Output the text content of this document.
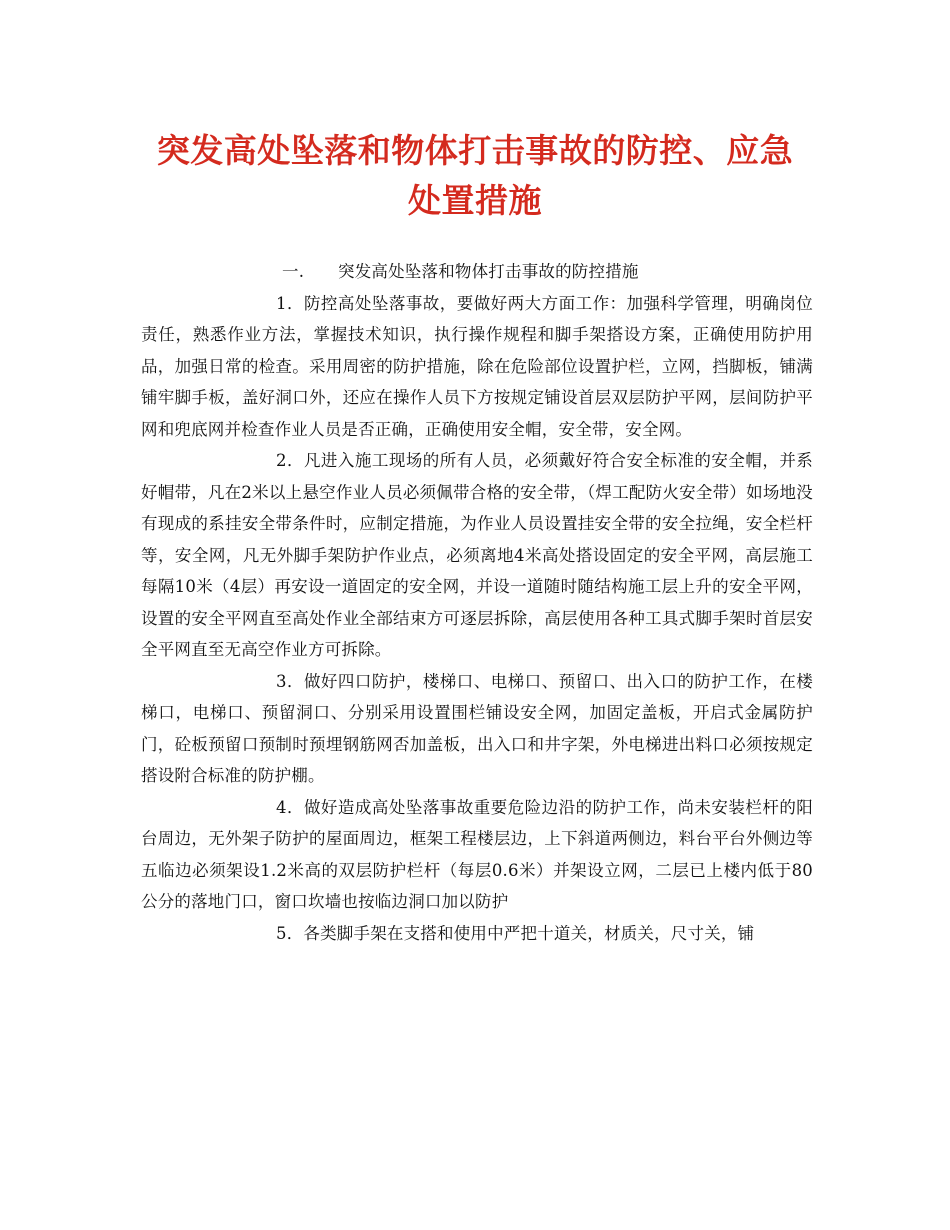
突发高处坠落和物体打击事故的防控、应急
处置措施

一. 突发高处坠落和物体打击事故的防控措施

1．防控高处坠落事故，要做好两大方面工作：加强科学管理，明确岗位责任，熟悉作业方法，掌握技术知识，执行操作规程和脚手架搭设方案，正确使用防护用品，加强日常的检查。采用周密的防护措施，除在危险部位设置护栏，立网，挡脚板，铺满铺牢脚手板，盖好洞口外，还应在操作人员下方按规定铺设首层双层防护平网，层间防护平网和兜底网并检查作业人员是否正确，正确使用安全帽，安全带，安全网。

2．凡进入施工现场的所有人员，必须戴好符合安全标准的安全帽，并系好帽带，凡在2米以上悬空作业人员必须佩带合格的安全带，（焊工配防火安全带）如场地没有现成的系挂安全带条件时，应制定措施，为作业人员设置挂安全带的安全拉绳，安全栏杆等，安全网，凡无外脚手架防护作业点，必须离地4米高处搭设固定的安全平网，高层施工每隔10米（4层）再安设一道固定的安全网，并设一道随时随结构施工层上升的安全平网，设置的安全平网直至高处作业全部结束方可逐层拆除，高层使用各种工具式脚手架时首层安全平网直至无高空作业方可拆除。

3．做好四口防护，楼梯口、电梯口、预留口、出入口的防护工作，在楼梯口，电梯口、预留洞口、分别采用设置围栏铺设安全网，加固定盖板，开启式金属防护门，砼板预留口预制时预埋钢筋网否加盖板，出入口和井字架，外电梯进出料口必须按规定搭设附合标准的防护棚。

4．做好造成高处坠落事故重要危险边沿的防护工作，尚未安装栏杆的阳台周边，无外架子防护的屋面周边，框架工程楼层边，上下斜道两侧边，料台平台外侧边等五临边必须架设1.2米高的双层防护栏杆（每层0.6米）并架设立网，二层已上楼内低于80公分的落地门口，窗口坎墙也按临边洞口加以防护

5．各类脚手架在支搭和使用中严把十道关，材质关，尺寸关，铺
